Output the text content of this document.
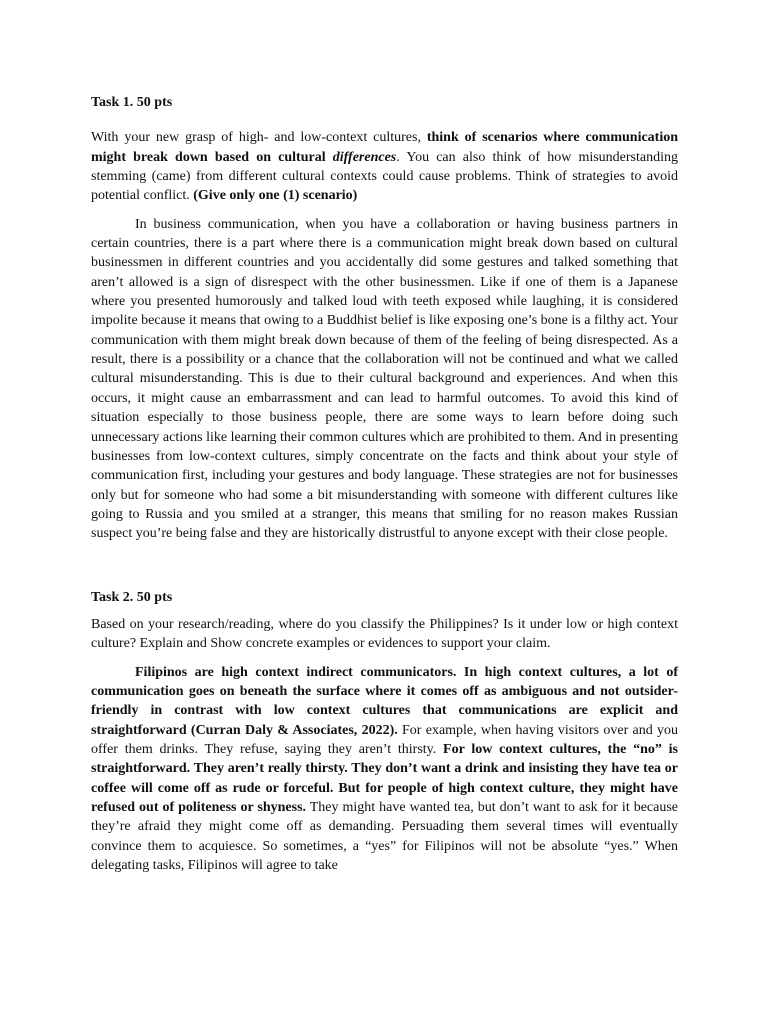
Task 1. 50 pts

With your new grasp of high- and low-context cultures, think of scenarios where communication might break down based on cultural differences. You can also think of how misunderstanding stemming (came) from different cultural contexts could cause problems. Think of strategies to avoid potential conflict. (Give only one (1) scenario)

In business communication, when you have a collaboration or having business partners in certain countries, there is a part where there is a communication might break down based on cultural businessmen in different countries and you accidentally did some gestures and talked something that aren’t allowed is a sign of disrespect with the other businessmen. Like if one of them is a Japanese where you presented humorously and talked loud with teeth exposed while laughing, it is considered impolite because it means that owing to a Buddhist belief is like exposing one’s bone is a filthy act. Your communication with them might break down because of them of the feeling of being disrespected. As a result, there is a possibility or a chance that the collaboration will not be continued and what we called cultural misunderstanding. This is due to their cultural background and experiences. And when this occurs, it might cause an embarrassment and can lead to harmful outcomes. To avoid this kind of situation especially to those business people, there are some ways to learn before doing such unnecessary actions like learning their common cultures which are prohibited to them. And in presenting businesses from low-context cultures, simply concentrate on the facts and think about your style of communication first, including your gestures and body language. These strategies are not for businesses only but for someone who had some a bit misunderstanding with someone with different cultures like going to Russia and you smiled at a stranger, this means that smiling for no reason makes Russian suspect you’re being false and they are historically distrustful to anyone except with their close people.

Task 2. 50 pts

Based on your research/reading, where do you classify the Philippines? Is it under low or high context culture? Explain and Show concrete examples or evidences to support your claim.

Filipinos are high context indirect communicators. In high context cultures, a lot of communication goes on beneath the surface where it comes off as ambiguous and not outsider-friendly in contrast with low context cultures that communications are explicit and straightforward (Curran Daly & Associates, 2022). For example, when having visitors over and you offer them drinks. They refuse, saying they aren’t thirsty. For low context cultures, the “no” is straightforward. They aren’t really thirsty. They don’t want a drink and insisting they have tea or coffee will come off as rude or forceful. But for people of high context culture, they might have refused out of politeness or shyness. They might have wanted tea, but don’t want to ask for it because they’re afraid they might come off as demanding. Persuading them several times will eventually convince them to acquiesce. So sometimes, a “yes” for Filipinos will not be absolute “yes.” When delegating tasks, Filipinos will agree to take
